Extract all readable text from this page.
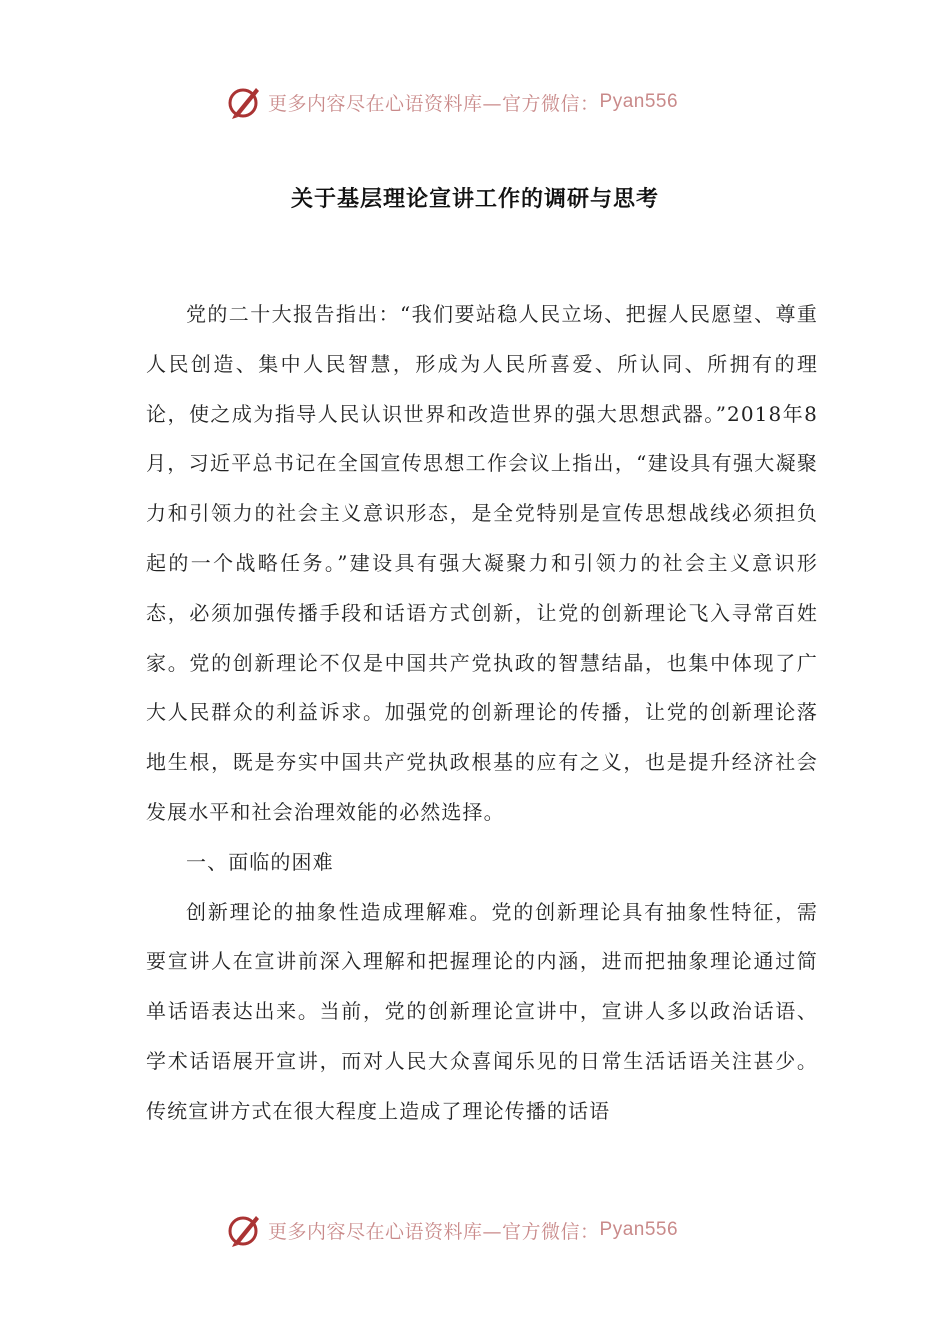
更多内容尽在心语资料库—官方微信： Pyan556
关于基层理论宣讲工作的调研与思考

党的二十大报告指出：“我们要站稳人民立场、把握人民愿望、尊重人民创造、集中人民智慧，形成为人民所喜爱、所认同、所拥有的理论，使之成为指导人民认识世界和改造世界的强大思想武器。”2018年8月，习近平总书记在全国宣传思想工作会议上指出，“建设具有强大凝聚力和引领力的社会主义意识形态，是全党特别是宣传思想战线必须担负起的一个战略任务。”建设具有强大凝聚力和引领力的社会主义意识形态，必须加强传播手段和话语方式创新，让党的创新理论飞入寻常百姓家。党的创新理论不仅是中国共产党执政的智慧结晶，也集中体现了广大人民群众的利益诉求。加强党的创新理论的传播，让党的创新理论落地生根，既是夯实中国共产党执政根基的应有之义，也是提升经济社会发展水平和社会治理效能的必然选择。

一、面临的困难

创新理论的抽象性造成理解难。党的创新理论具有抽象性特征，需要宣讲人在宣讲前深入理解和把握理论的内涵，进而把抽象理论通过简单话语表达出来。当前，党的创新理论宣讲中，宣讲人多以政治话语、学术话语展开宣讲，而对人民大众喜闻乐见的日常生活话语关注甚少。传统宣讲方式在很大程度上造成了理论传播的话语

更多内容尽在心语资料库—官方微信： Pyan556
